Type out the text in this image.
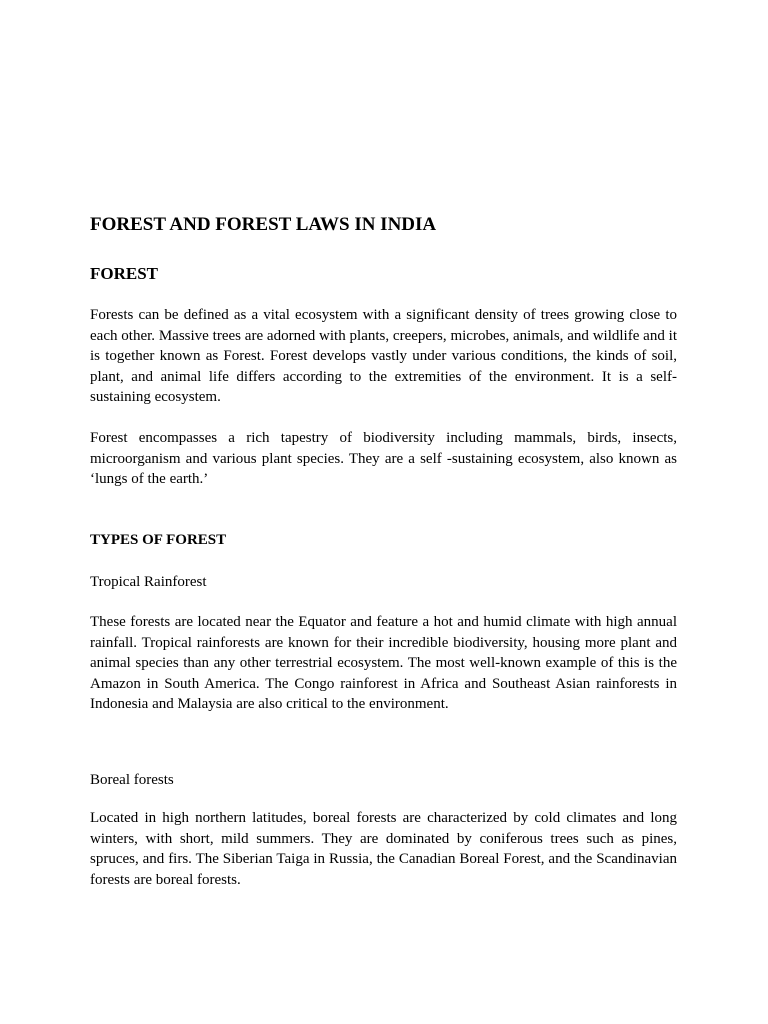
FOREST AND FOREST LAWS IN INDIA
FOREST

Forests can be defined as a vital ecosystem with a significant density of trees growing close to each other. Massive trees are adorned with plants, creepers, microbes, animals, and wildlife and it is together known as Forest. Forest develops vastly under various conditions, the kinds of soil, plant, and animal life differs according to the extremities of the environment. It is a self-sustaining ecosystem.

Forest encompasses a rich tapestry of biodiversity including mammals, birds, insects, microorganism and various plant species. They are a self -sustaining ecosystem, also known as ‘lungs of the earth.’

TYPES OF FOREST
Tropical Rainforest

These forests are located near the Equator and feature a hot and humid climate with high annual rainfall. Tropical rainforests are known for their incredible biodiversity, housing more plant and animal species than any other terrestrial ecosystem. The most well-known example of this is the Amazon in South America. The Congo rainforest in Africa and Southeast Asian rainforests in Indonesia and Malaysia are also critical to the environment.

Boreal forests

Located in high northern latitudes, boreal forests are characterized by cold climates and long winters, with short, mild summers. They are dominated by coniferous trees such as pines, spruces, and firs. The Siberian Taiga in Russia, the Canadian Boreal Forest, and the Scandinavian forests are boreal forests.
